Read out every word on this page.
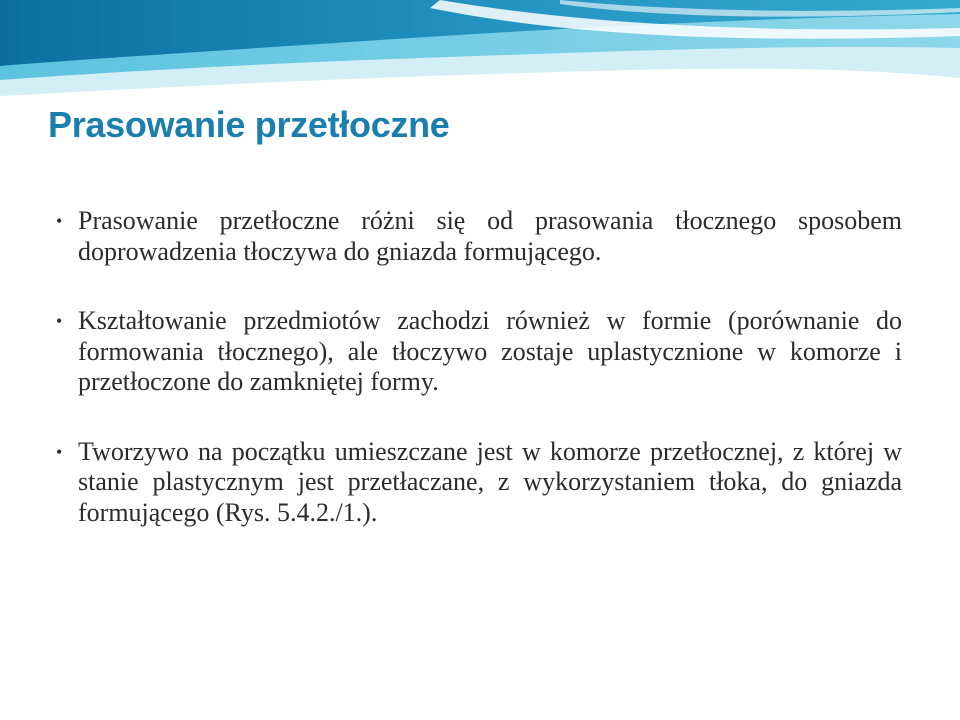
Prasowanie przetłoczne
• Prasowanie przetłoczne różni się od prasowania tłocznego sposobem doprowadzenia tłoczywa do gniazda formującego.
• Kształtowanie przedmiotów zachodzi również w formie (porównanie do formowania tłocznego), ale tłoczywo zostaje uplastycznione w komorze i przetłoczone do zamkniętej formy.
• Tworzywo na początku umieszczane jest w komorze przetłocznej, z której w stanie plastycznym jest przetłaczane, z wykorzystaniem tłoka, do gniazda formującego (Rys. 5.4.2./1.).
